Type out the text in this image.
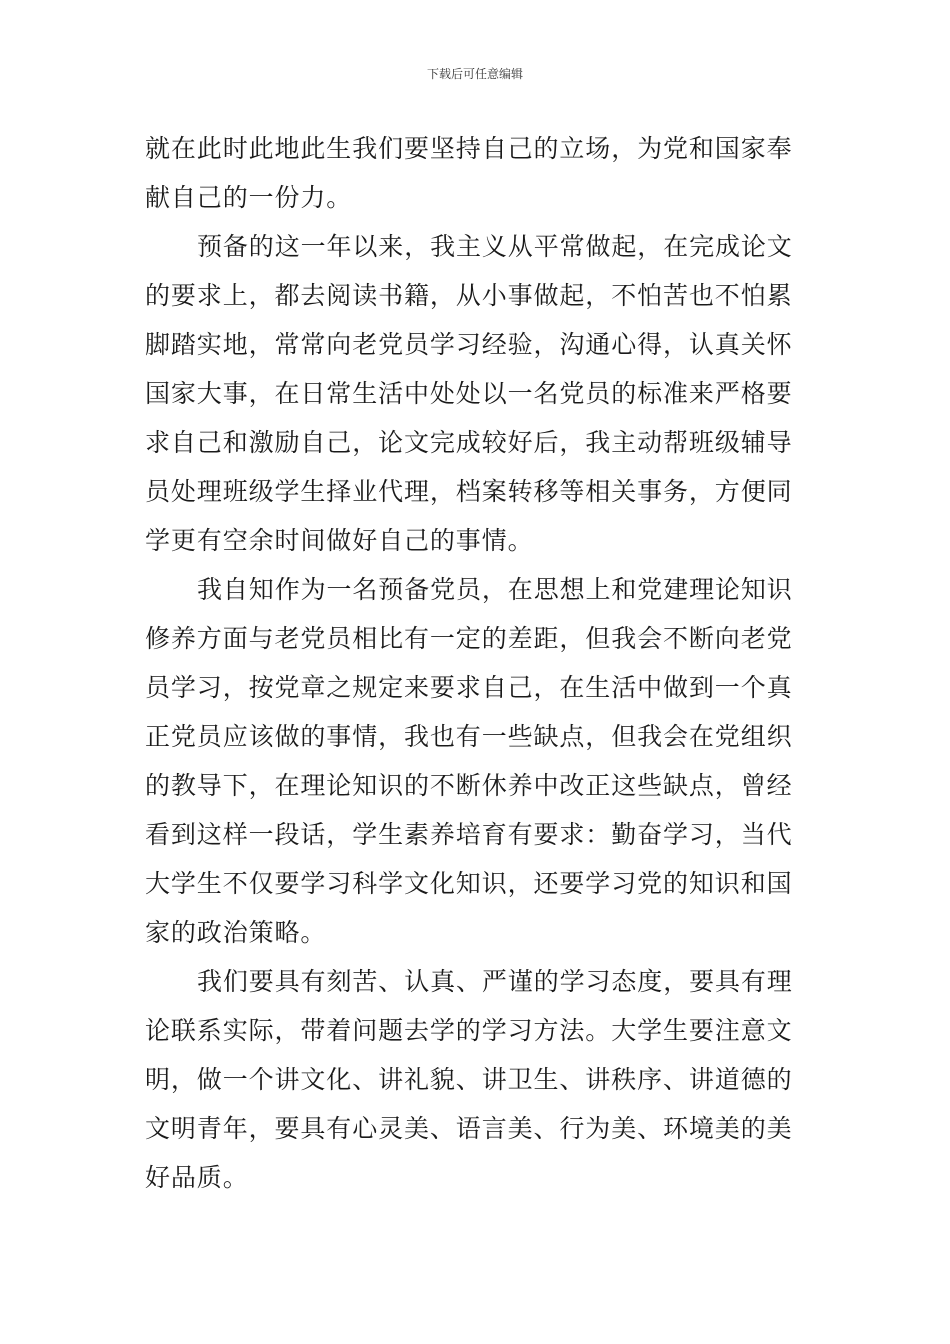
下载后可任意编辑
就在此时此地此生我们要坚持自己的立场，为党和国家奉
献自己的一份力。
预备的这一年以来，我主义从平常做起，在完成论文
的要求上，都去阅读书籍，从小事做起，不怕苦也不怕累
脚踏实地，常常向老党员学习经验，沟通心得，认真关怀
国家大事，在日常生活中处处以一名党员的标准来严格要
求自己和激励自己，论文完成较好后，我主动帮班级辅导
员处理班级学生择业代理，档案转移等相关事务，方便同
学更有空余时间做好自己的事情。
我自知作为一名预备党员，在思想上和党建理论知识
修养方面与老党员相比有一定的差距，但我会不断向老党
员学习，按党章之规定来要求自己，在生活中做到一个真
正党员应该做的事情，我也有一些缺点，但我会在党组织
的教导下，在理论知识的不断休养中改正这些缺点，曾经
看到这样一段话，学生素养培育有要求：勤奋学习，当代
大学生不仅要学习科学文化知识，还要学习党的知识和国
家的政治策略。
我们要具有刻苦、认真、严谨的学习态度，要具有理
论联系实际，带着问题去学的学习方法。大学生要注意文
明，做一个讲文化、讲礼貌、讲卫生、讲秩序、讲道德的
文明青年，要具有心灵美、语言美、行为美、环境美的美
好品质。
